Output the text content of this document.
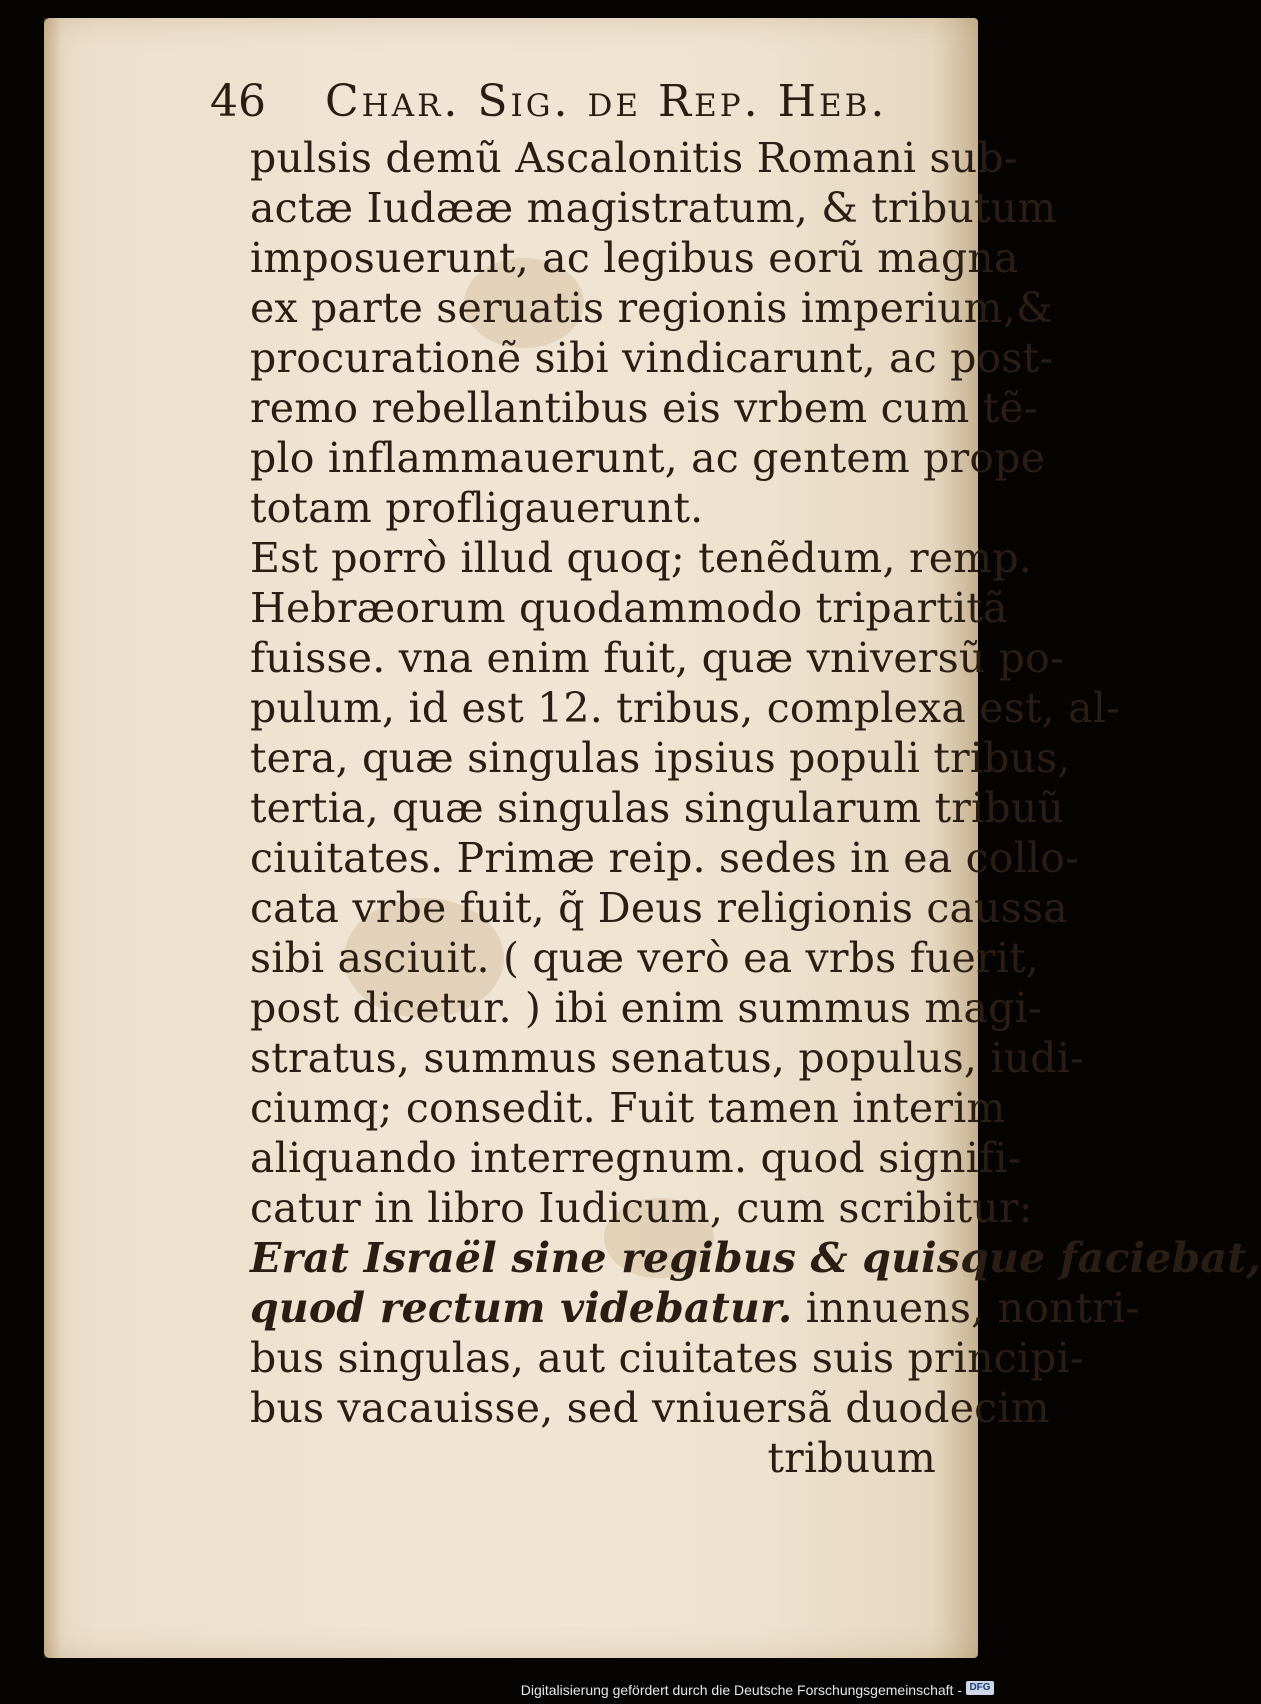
46 Char. Sig. de Rep. Heb.
pulsis demũ Ascalonitis Romani sub-
actæ Iudææ magistratum, & tributum
imposuerunt, ac legibus eorũ magna
ex parte seruatis regionis imperium,&
procurationẽ sibi vindicarunt, ac post-
remo rebellantibus eis vrbem cum tẽ-
plo inflammauerunt, ac gentem prope
totam profligauerunt.
Est porrò illud quoq; tenẽdum, remp.
Hebræorum quodammodo tripartitã
fuisse. vna enim fuit, quæ vniversũ po-
pulum, id est 12. tribus, complexa est, al-
tera, quæ singulas ipsius populi tribus,
tertia, quæ singulas singularum tribuũ
ciuitates. Primæ reip. sedes in ea collo-
cata vrbe fuit, q̃ Deus religionis caussa
sibi asciuit. ( quæ verò ea vrbs fuerit,
post dicetur. ) ibi enim summus magi-
stratus, summus senatus, populus, iudi-
ciumq; consedit. Fuit tamen interim
aliquando interregnum. quod signifi-
catur in libro Iudicum, cum scribitur:
Erat Israël sine regibus & quisque faciebat,
quod rectum videbatur. innuens, nontri-
bus singulas, aut ciuitates suis principi-
bus vacauisse, sed vniuersã duodecim
tribuum
Digitalisierung gefördert durch die Deutsche Forschungsgemeinschaft - DFG
